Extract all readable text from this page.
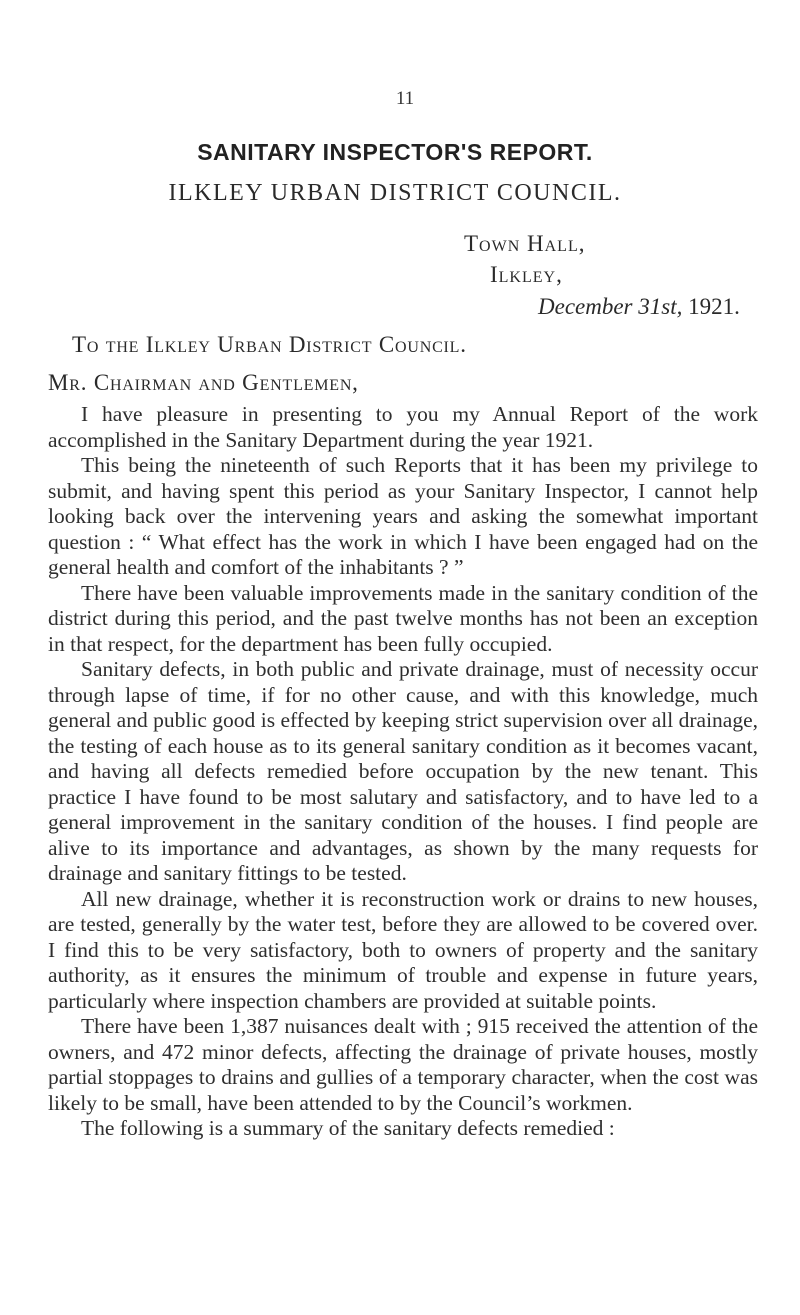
11
SANITARY INSPECTOR'S REPORT.
ILKLEY URBAN DISTRICT COUNCIL.
Town Hall,
Ilkley,
December 31st, 1921.
To the Ilkley Urban District Council.
Mr. Chairman and Gentlemen,

I have pleasure in presenting to you my Annual Report of the work accomplished in the Sanitary Department during the year 1921.

This being the nineteenth of such Reports that it has been my privilege to submit, and having spent this period as your Sanitary Inspector, I cannot help looking back over the intervening years and asking the somewhat important question : “ What effect has the work in which I have been engaged had on the general health and comfort of the inhabitants ? ”

There have been valuable improvements made in the sanitary condition of the district during this period, and the past twelve months has not been an exception in that respect, for the department has been fully occupied.

Sanitary defects, in both public and private drainage, must of necessity occur through lapse of time, if for no other cause, and with this knowledge, much general and public good is effected by keeping strict supervision over all drainage, the testing of each house as to its general sanitary condition as it becomes vacant, and having all defects remedied before occupation by the new tenant. This practice I have found to be most salutary and satisfactory, and to have led to a general improvement in the sanitary condition of the houses. I find people are alive to its importance and advantages, as shown by the many requests for drainage and sanitary fittings to be tested.

All new drainage, whether it is reconstruction work or drains to new houses, are tested, generally by the water test, before they are allowed to be covered over. I find this to be very satisfactory, both to owners of property and the sanitary authority, as it ensures the minimum of trouble and expense in future years, particularly where inspection chambers are provided at suitable points.

There have been 1,387 nuisances dealt with ; 915 received the attention of the owners, and 472 minor defects, affecting the drainage of private houses, mostly partial stoppages to drains and gullies of a temporary character, when the cost was likely to be small, have been attended to by the Council’s workmen.

The following is a summary of the sanitary defects remedied :
